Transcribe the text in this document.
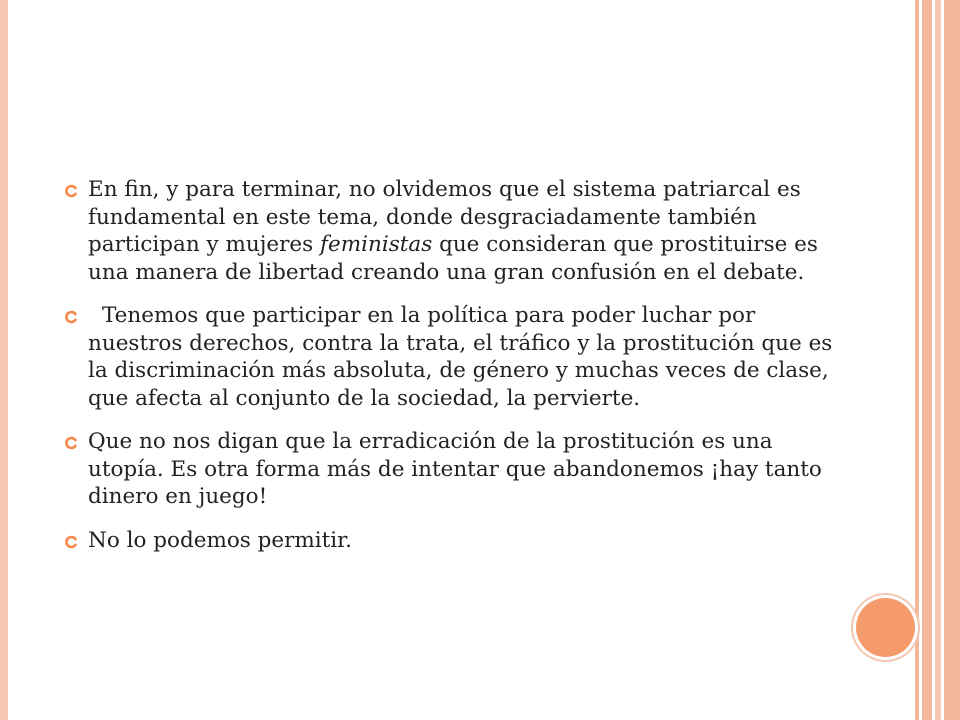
En fin, y para terminar, no olvidemos que el sistema patriarcal es fundamental en este tema, donde desgraciadamente también participan y mujeres feministas que consideran que prostituirse es una manera de libertad creando una gran confusión en el debate.
Tenemos que participar en la política para poder luchar por nuestros derechos, contra la trata, el tráfico y la prostitución que es la discriminación más absoluta, de género y muchas veces de clase, que afecta al conjunto de la sociedad, la pervierte.
Que no nos digan que la erradicación de la prostitución es una utopía. Es otra forma más de intentar que abandonemos ¡hay tanto dinero en juego!
No lo podemos permitir.
